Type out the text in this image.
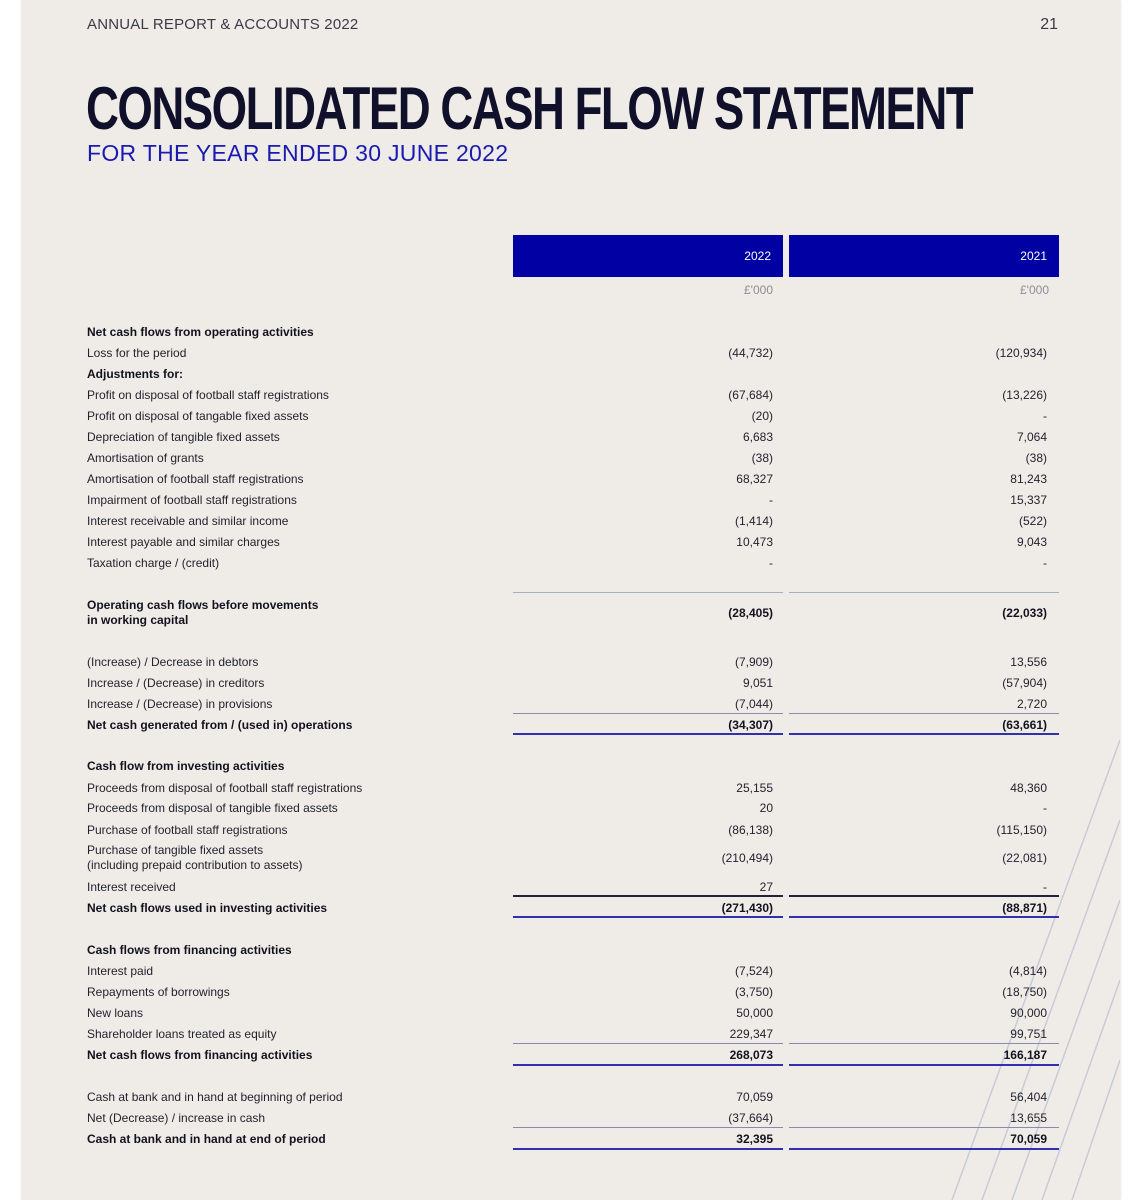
ANNUAL REPORT & ACCOUNTS 2022	21
CONSOLIDATED CASH FLOW STATEMENT
FOR THE YEAR ENDED 30 JUNE 2022
2022	2021
£'000	£'000
Net cash flows from operating activities
Loss for the period	(44,732)	(120,934)
Adjustments for:
Profit on disposal of football staff registrations	(67,684)	(13,226)
Profit on disposal of tangable fixed assets	(20)	-
Depreciation of tangible fixed assets	6,683	7,064
Amortisation of grants	(38)	(38)
Amortisation of football staff registrations	68,327	81,243
Impairment of football staff registrations	-	15,337
Interest receivable and similar income	(1,414)	(522)
Interest payable and similar charges	10,473	9,043
Taxation charge / (credit)	-	-
Operating cash flows before movements
in working capital	(28,405)	(22,033)
(Increase) / Decrease in debtors	(7,909)	13,556
Increase / (Decrease) in creditors	9,051	(57,904)
Increase / (Decrease) in provisions	(7,044)	2,720
Net cash generated from / (used in) operations	(34,307)	(63,661)
Cash flow from investing activities
Proceeds from disposal of football staff registrations	25,155	48,360
Proceeds from disposal of tangible fixed assets	20	-
Purchase of football staff registrations	(86,138)	(115,150)
Purchase of tangible fixed assets
(including prepaid contribution to assets)	(210,494)	(22,081)
Interest received	27	-
Net cash flows used in investing activities	(271,430)	(88,871)
Cash flows from financing activities
Interest paid	(7,524)	(4,814)
Repayments of borrowings	(3,750)	(18,750)
New loans	50,000	90,000
Shareholder loans treated as equity	229,347	99,751
Net cash flows from financing activities	268,073	166,187
Cash at bank and in hand at beginning of period	70,059	56,404
Net (Decrease) / increase in cash	(37,664)	13,655
Cash at bank and in hand at end of period	32,395	70,059
